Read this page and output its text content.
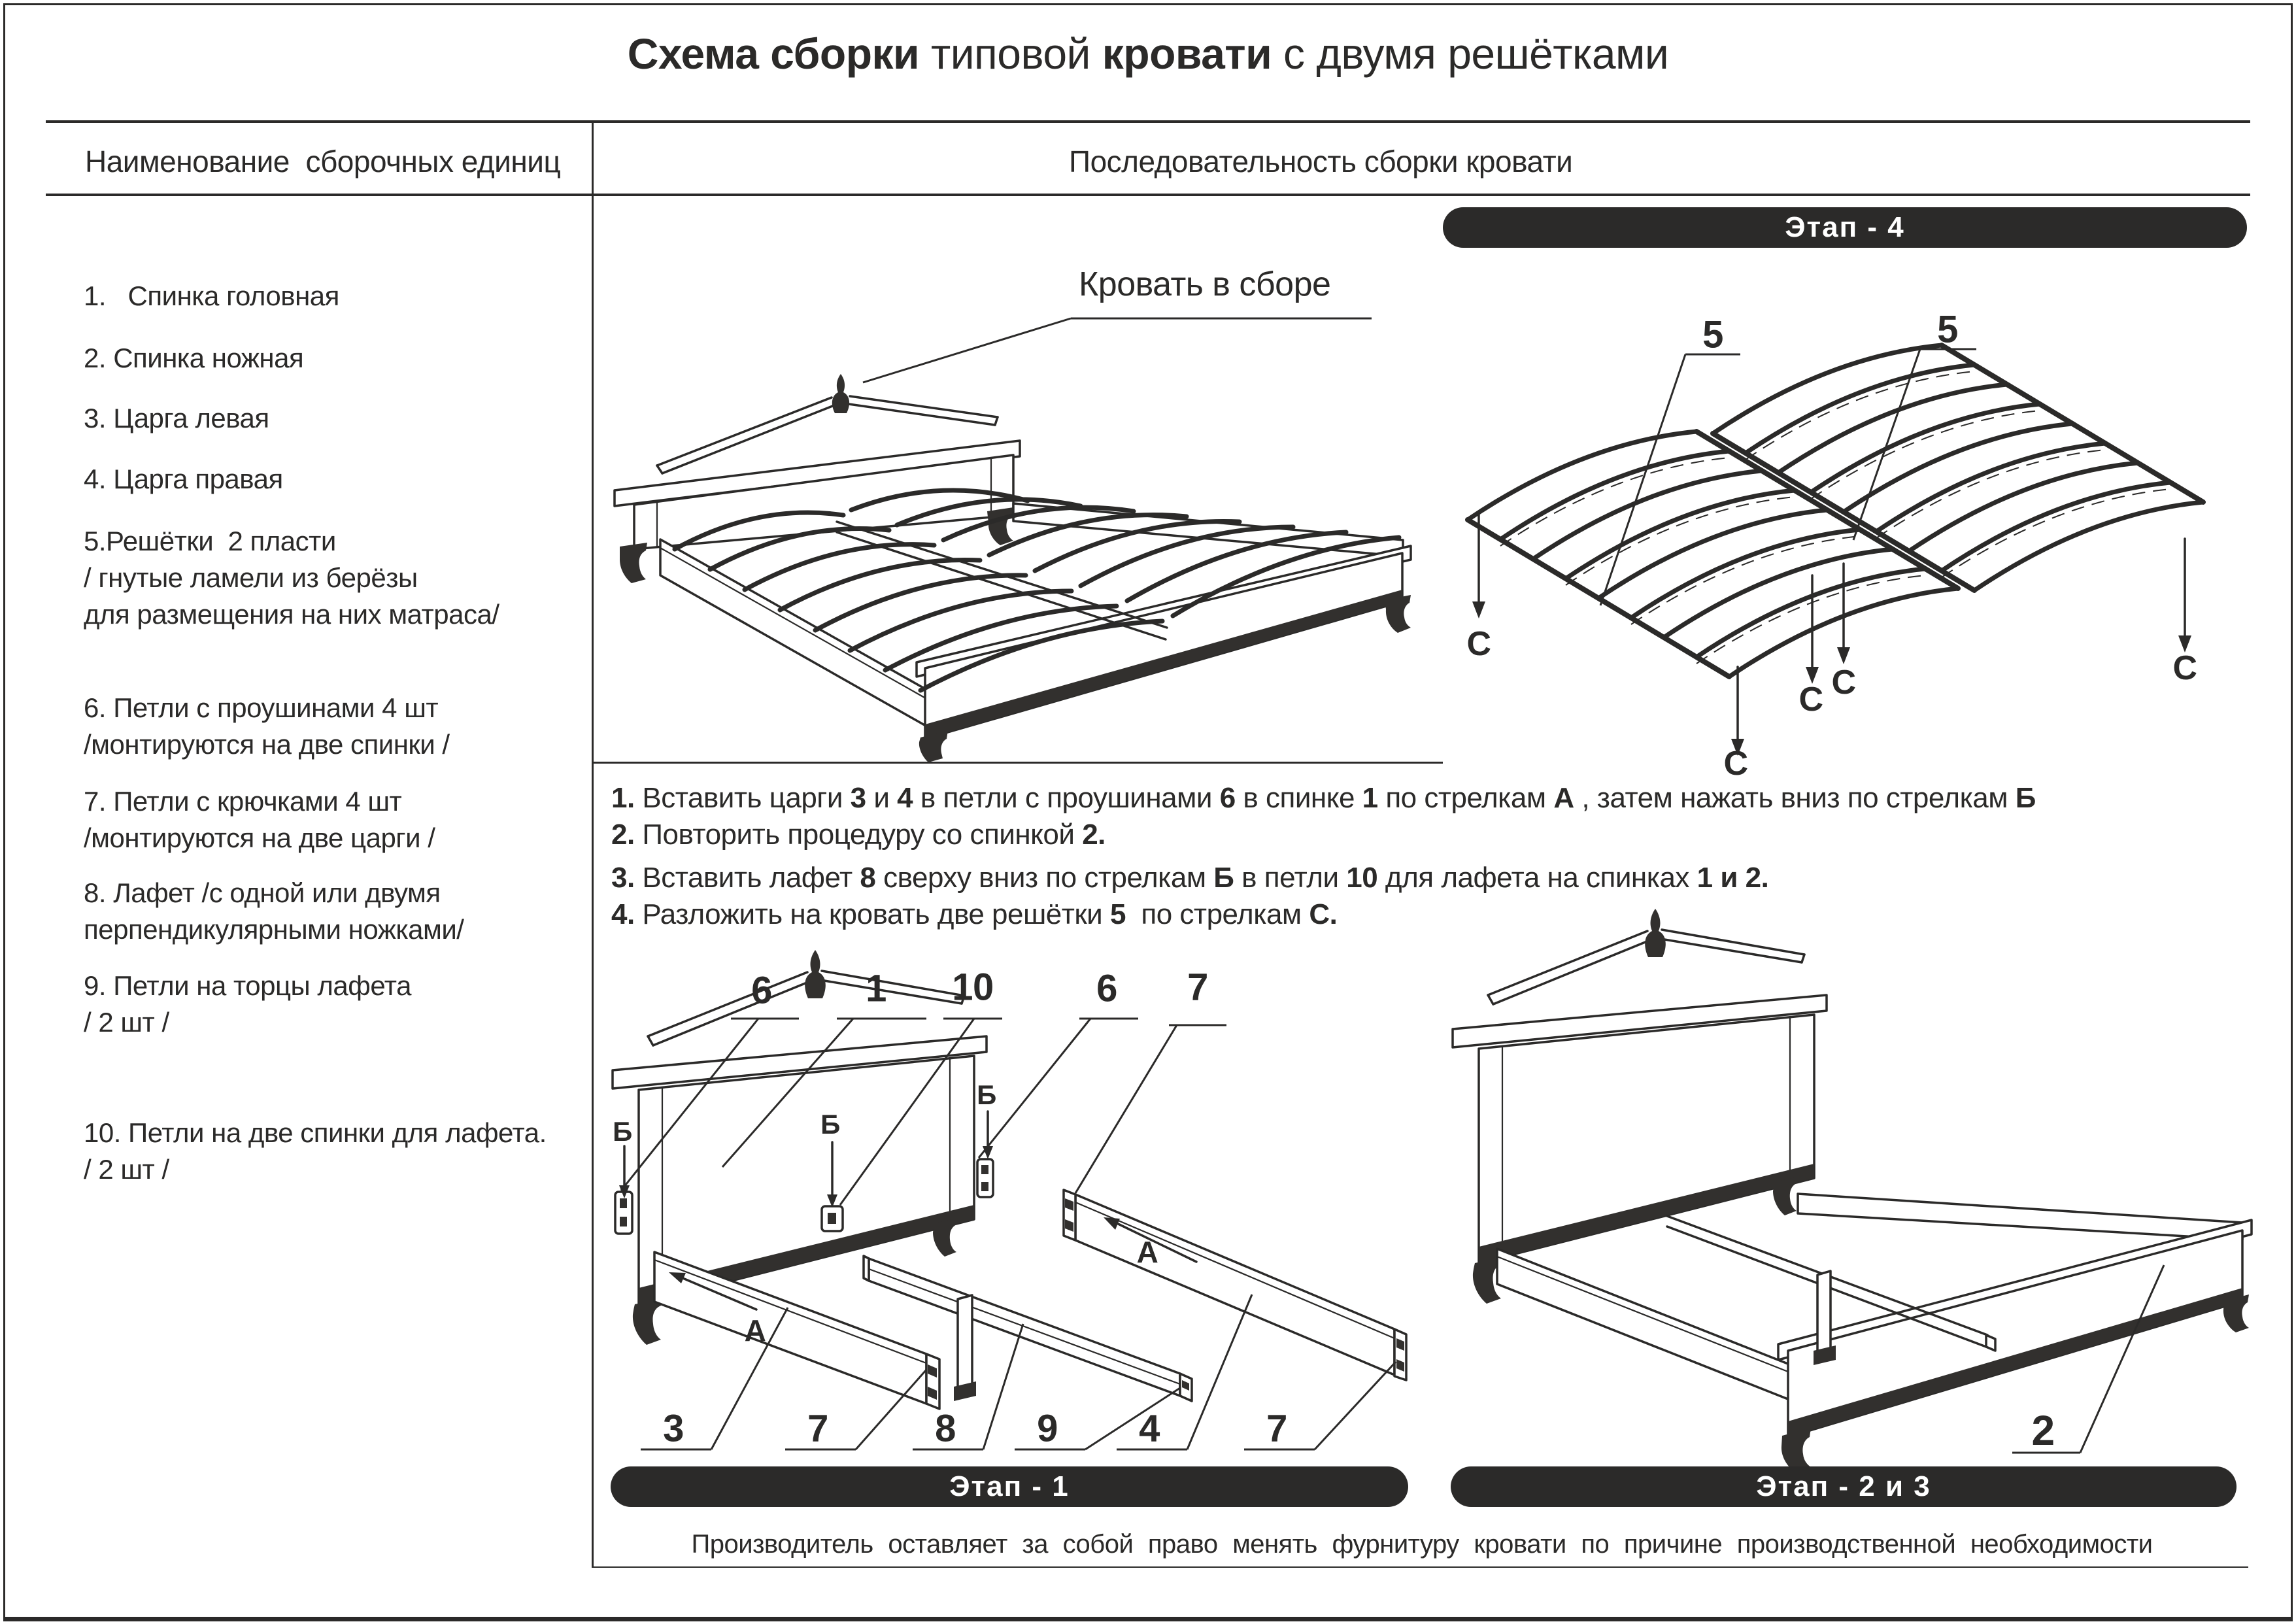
Схема сборки типовой кровати с двумя решётками
Наименование  сборочных единиц	Последовательность сборки кровати
1.   Спинка головная
2. Спинка ножная
3. Царга левая
4. Царга правая
5.Решётки  2 пласти
/ гнутые ламели из берёзы
для размещения на них матраса/
6. Петли с проушинами 4 шт
/монтируются на две спинки /
7. Петли с крючками 4 шт
/монтируются на две царги /
8. Лафет /с одной или двумя
перпендикулярными ножками/
9. Петли на торцы лафета
/ 2 шт /
10. Петли на две спинки для лафета.
/ 2 шт /
Кровать в сборе
Этап - 4
5	5
С
С
С С	С
1. Вставить царги 3 и 4 в петли с проушинами 6 в спинке 1 по стрелкам А , затем нажать вниз по стрелкам Б
2. Повторить процедуру со спинкой 2.
3. Вставить лафет 8 сверху вниз по стрелкам Б в петли 10 для лафета на спинках 1 и 2.
4. Разложить на кровать две решётки 5  по стрелкам С.
6 1 10	6 7
3	7	8 9 4	7
Б	Б
Б
А
А
Этап - 1
2
Этап - 2 и 3
Производитель оставляет за собой право менять фурнитуру кровати по причине производственной необходимости
